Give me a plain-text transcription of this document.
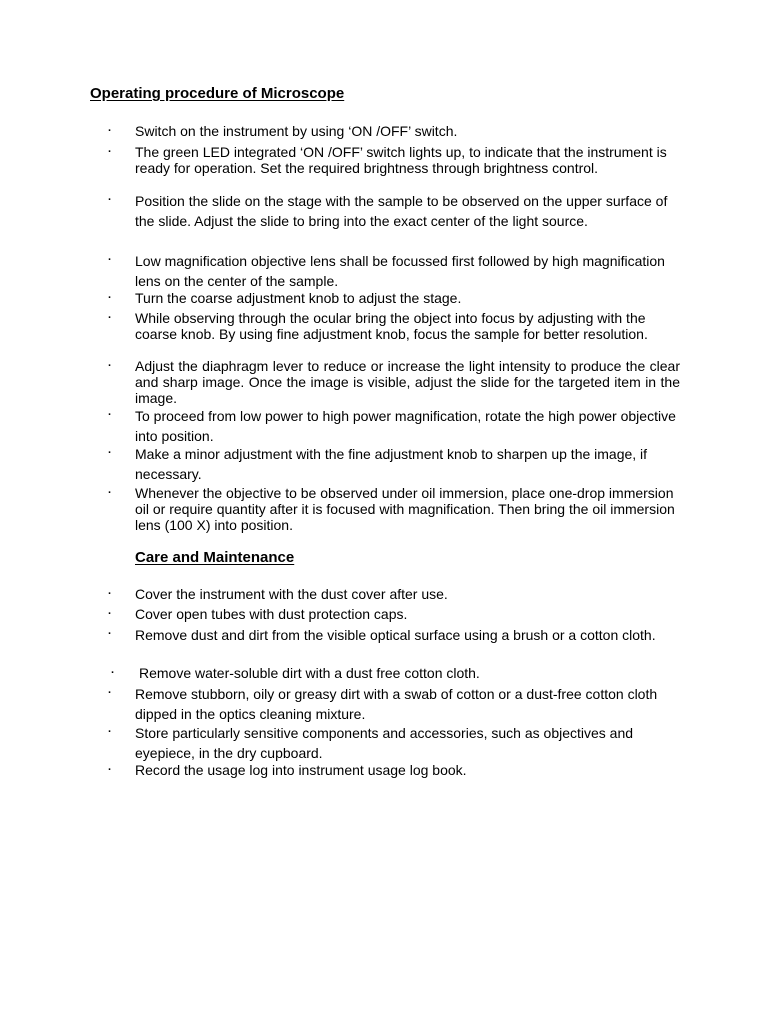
Operating procedure of Microscope
· Switch on the instrument by using ‘ON /OFF’ switch.

· The green LED integrated ‘ON /OFF’ switch lights up, to indicate that the instrument is ready for operation. Set the required brightness through brightness control.

· Position the slide on the stage with the sample to be observed on the upper surface of the slide. Adjust the slide to bring into the exact center of the light source.

· Low magnification objective lens shall be focussed first followed by high magnification lens on the center of the sample.

· Turn the coarse adjustment knob to adjust the stage.

· While observing through the ocular bring the object into focus by adjusting with the coarse knob. By using fine adjustment knob, focus the sample for better resolution.

· Adjust the diaphragm lever to reduce or increase the light intensity to produce the clear and sharp image. Once the image is visible, adjust the slide for the targeted item in the image.

· To proceed from low power to high power magnification, rotate the high power objective into position.

· Make a minor adjustment with the fine adjustment knob to sharpen up the image, if necessary.

· Whenever the objective to be observed under oil immersion, place one-drop immersion oil or require quantity after it is focused with magnification. Then bring the oil immersion lens (100 X) into position.

Care and Maintenance
· Cover the instrument with the dust cover after use.

· Cover open tubes with dust protection caps.

· Remove dust and dirt from the visible optical surface using a brush or a cotton cloth.

· Remove water-soluble dirt with a dust free cotton cloth.

· Remove stubborn, oily or greasy dirt with a swab of cotton or a dust-free cotton cloth dipped in the optics cleaning mixture.

· Store particularly sensitive components and accessories, such as objectives and eyepiece, in the dry cupboard.

· Record the usage log into instrument usage log book.
